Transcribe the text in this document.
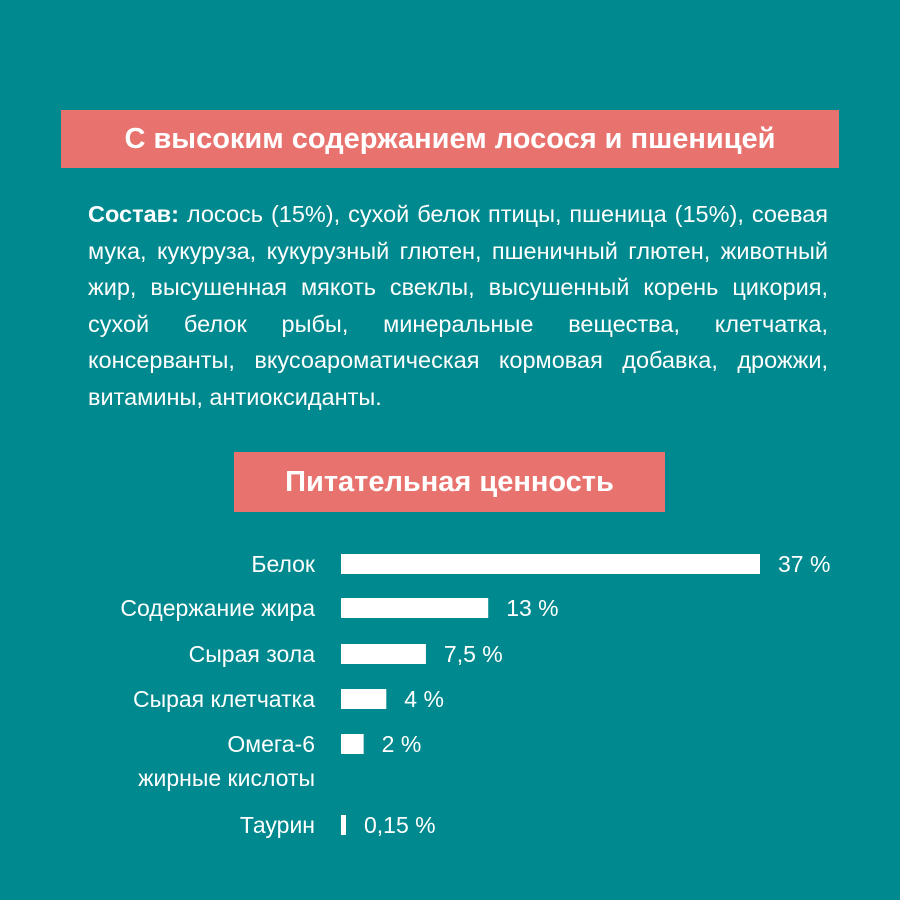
С высоким содержанием лосося и пшеницей

Состав: лосось (15%), сухой белок птицы, пшеница (15%), соевая мука, кукуруза, кукурузный глютен, пшеничный глютен, животный жир, высушенная мякоть свеклы, высушенный корень цикория, сухой белок рыбы, минеральные вещества, клетчатка, консерванты, вкусоароматическая кормовая добавка, дрожжи, витамины, антиоксиданты.

Питательная ценность
37 %
Белок
13 %
Содержание жира
7,5 %
Сырая зола
4 %
Сырая клетчатка
2 %
Омега-6 жирные кислоты
0,15 %
Таурин
